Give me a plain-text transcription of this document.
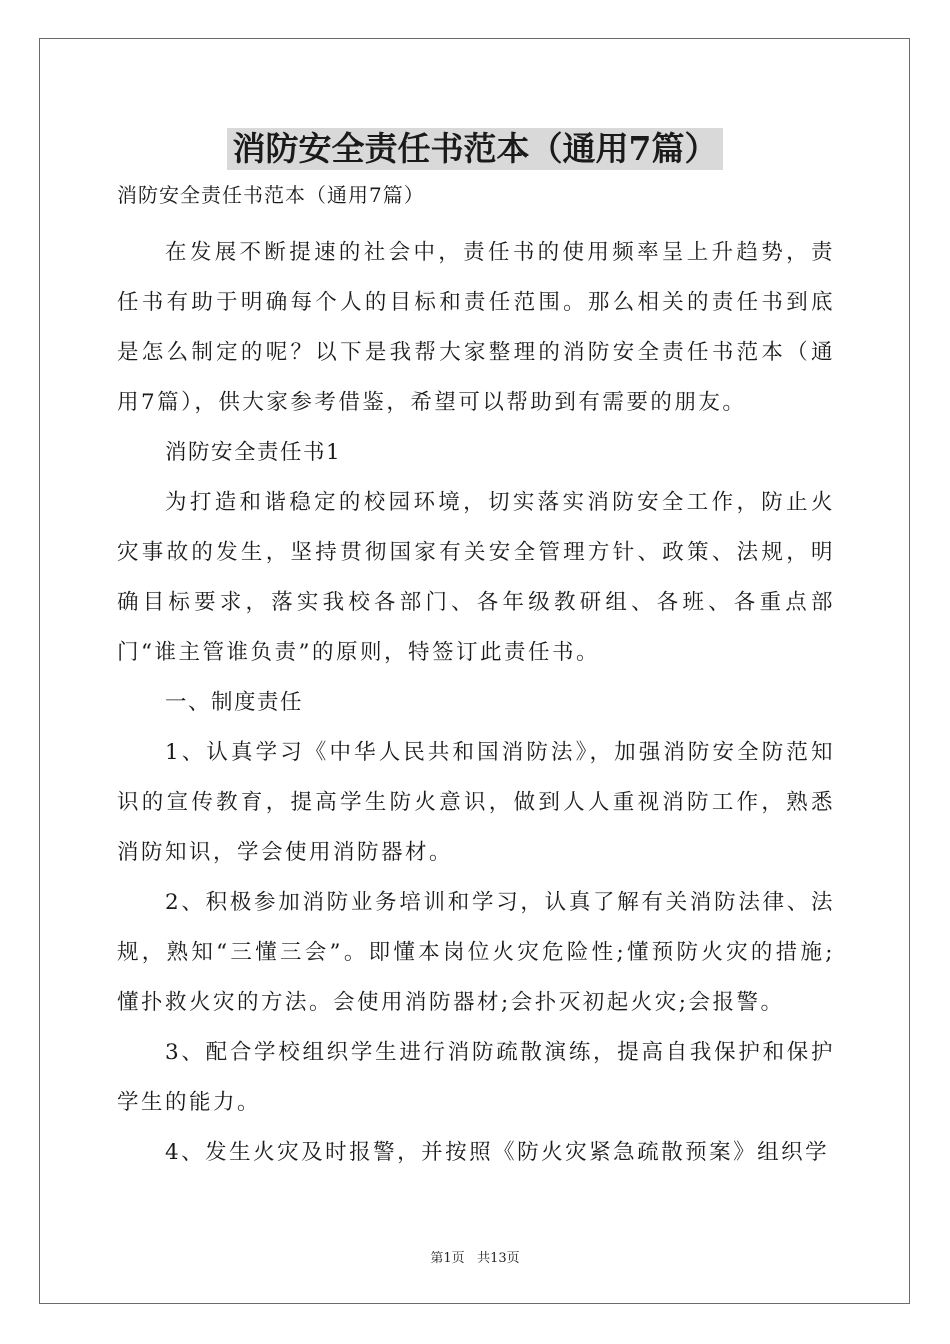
消防安全责任书范本（通用7篇）

消防安全责任书范本（通用7篇）

在发展不断提速的社会中，责任书的使用频率呈上升趋势，责任书有助于明确每个人的目标和责任范围。那么相关的责任书到底是怎么制定的呢？以下是我帮大家整理的消防安全责任书范本（通用7篇），供大家参考借鉴，希望可以帮助到有需要的朋友。

消防安全责任书1

为打造和谐稳定的校园环境，切实落实消防安全工作，防止火灾事故的发生，坚持贯彻国家有关安全管理方针、政策、法规，明确目标要求，落实我校各部门、各年级教研组、各班、各重点部门“谁主管谁负责”的原则，特签订此责任书。

一、制度责任

1、认真学习《中华人民共和国消防法》，加强消防安全防范知识的宣传教育，提高学生防火意识，做到人人重视消防工作，熟悉消防知识，学会使用消防器材。

2、积极参加消防业务培训和学习，认真了解有关消防法律、法规，熟知“三懂三会”。即懂本岗位火灾危险性;懂预防火灾的措施;懂扑救火灾的方法。会使用消防器材;会扑灭初起火灾;会报警。

3、配合学校组织学生进行消防疏散演练，提高自我保护和保护学生的能力。

4、发生火灾及时报警，并按照《防火灾紧急疏散预案》组织学

第1页 共13页
